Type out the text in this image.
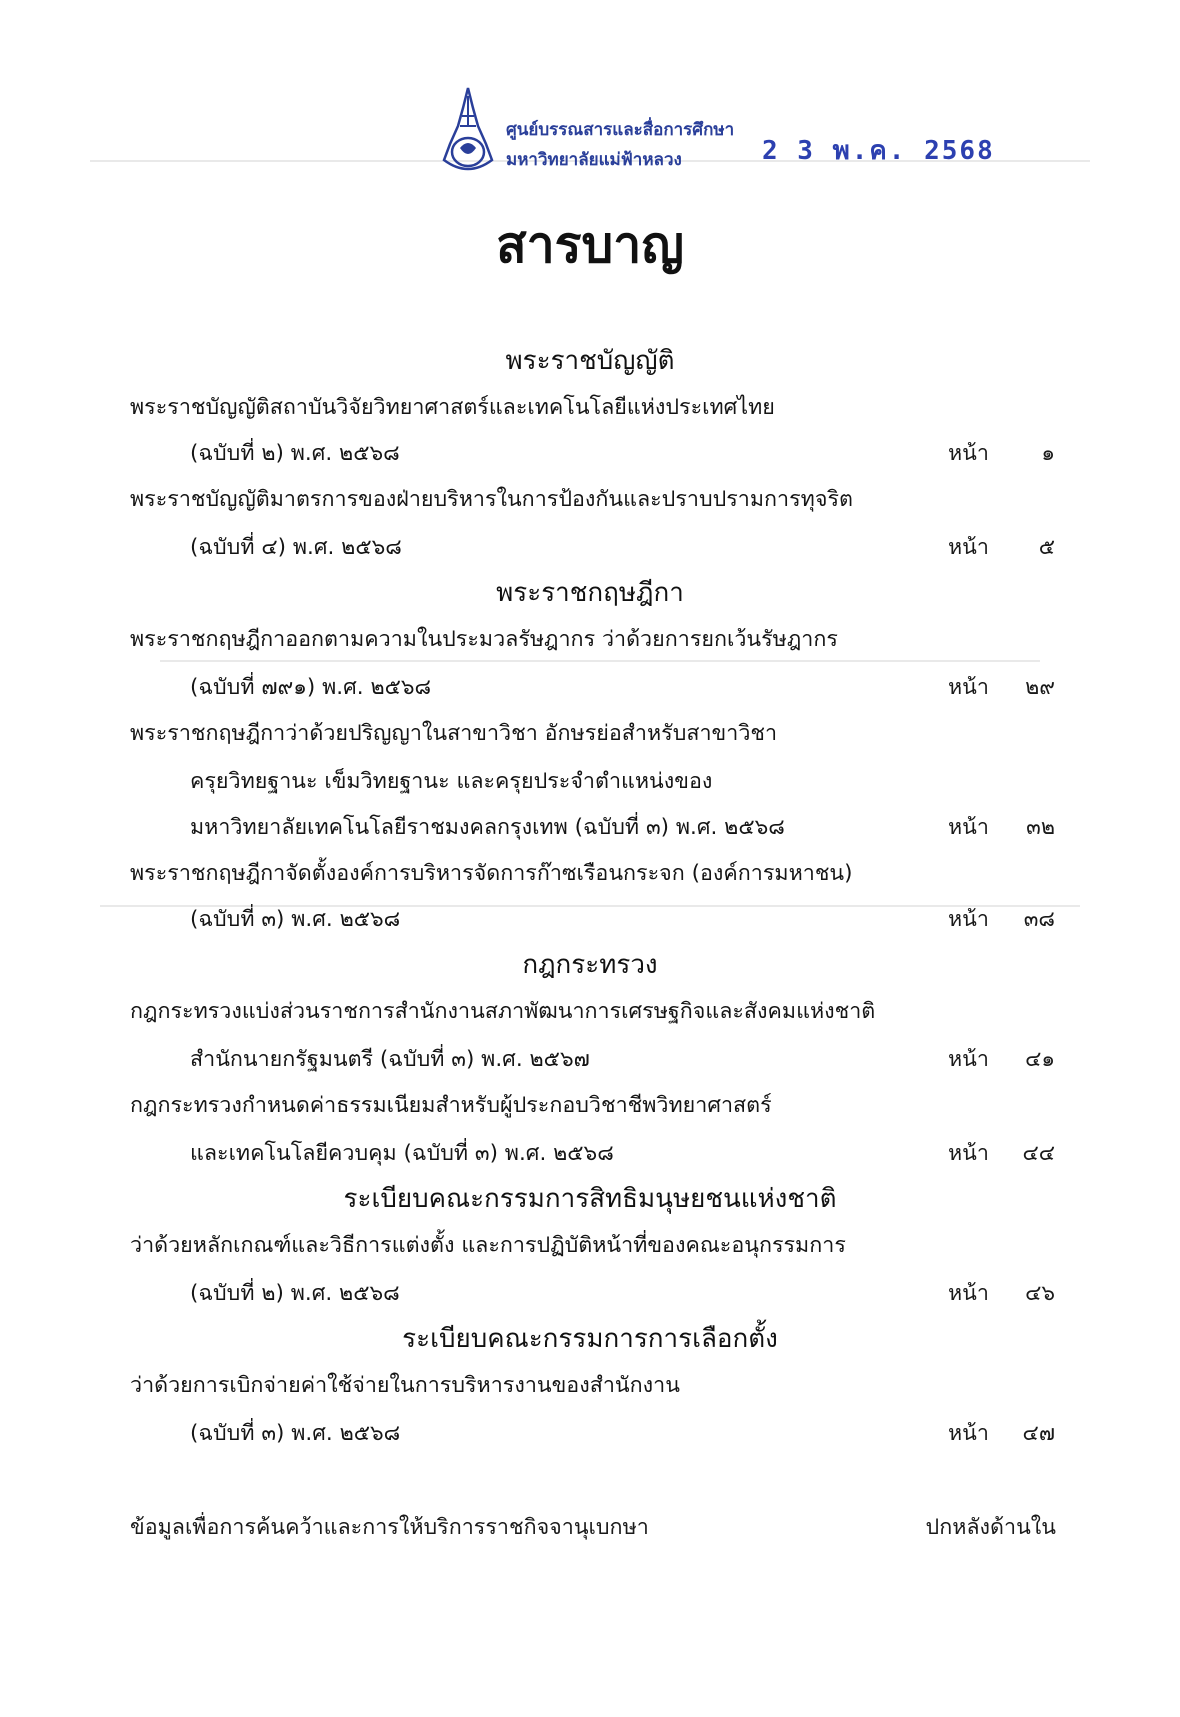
ศูนย์บรรณสารและสื่อการศึกษา
มหาวิทยาลัยแม่ฟ้าหลวง	2 3 พ.ค. 2568
สารบาญ
พระราชบัญญัติ
พระราชบัญญัติสถาบันวิจัยวิทยาศาสตร์และเทคโนโลยีแห่งประเทศไทย
(ฉบับที่ ๒) พ.ศ. ๒๕๖๘	หน้า ๑
พระราชบัญญัติมาตรการของฝ่ายบริหารในการป้องกันและปราบปรามการทุจริต
(ฉบับที่ ๔) พ.ศ. ๒๕๖๘	หน้า ๕
พระราชกฤษฎีกา
พระราชกฤษฎีกาออกตามความในประมวลรัษฎากร ว่าด้วยการยกเว้นรัษฎากร
(ฉบับที่ ๗๙๑) พ.ศ. ๒๕๖๘	หน้า ๒๙
พระราชกฤษฎีกาว่าด้วยปริญญาในสาขาวิชา อักษรย่อสำหรับสาขาวิชา
ครุยวิทยฐานะ เข็มวิทยฐานะ และครุยประจำตำแหน่งของ
มหาวิทยาลัยเทคโนโลยีราชมงคลกรุงเทพ (ฉบับที่ ๓) พ.ศ. ๒๕๖๘	หน้า ๓๒
พระราชกฤษฎีกาจัดตั้งองค์การบริหารจัดการก๊าซเรือนกระจก (องค์การมหาชน)
(ฉบับที่ ๓) พ.ศ. ๒๕๖๘	หน้า ๓๘
กฎกระทรวง
กฎกระทรวงแบ่งส่วนราชการสำนักงานสภาพัฒนาการเศรษฐกิจและสังคมแห่งชาติ
สำนักนายกรัฐมนตรี (ฉบับที่ ๓) พ.ศ. ๒๕๖๗	หน้า ๔๑
กฎกระทรวงกำหนดค่าธรรมเนียมสำหรับผู้ประกอบวิชาชีพวิทยาศาสตร์
และเทคโนโลยีควบคุม (ฉบับที่ ๓) พ.ศ. ๒๕๖๘	หน้า ๔๔
ระเบียบคณะกรรมการสิทธิมนุษยชนแห่งชาติ
ว่าด้วยหลักเกณฑ์และวิธีการแต่งตั้ง และการปฏิบัติหน้าที่ของคณะอนุกรรมการ
(ฉบับที่ ๒) พ.ศ. ๒๕๖๘	หน้า ๔๖
ระเบียบคณะกรรมการการเลือกตั้ง
ว่าด้วยการเบิกจ่ายค่าใช้จ่ายในการบริหารงานของสำนักงาน
(ฉบับที่ ๓) พ.ศ. ๒๕๖๘	หน้า ๔๗
ข้อมูลเพื่อการค้นคว้าและการให้บริการราชกิจจานุเบกษา	ปกหลังด้านใน
